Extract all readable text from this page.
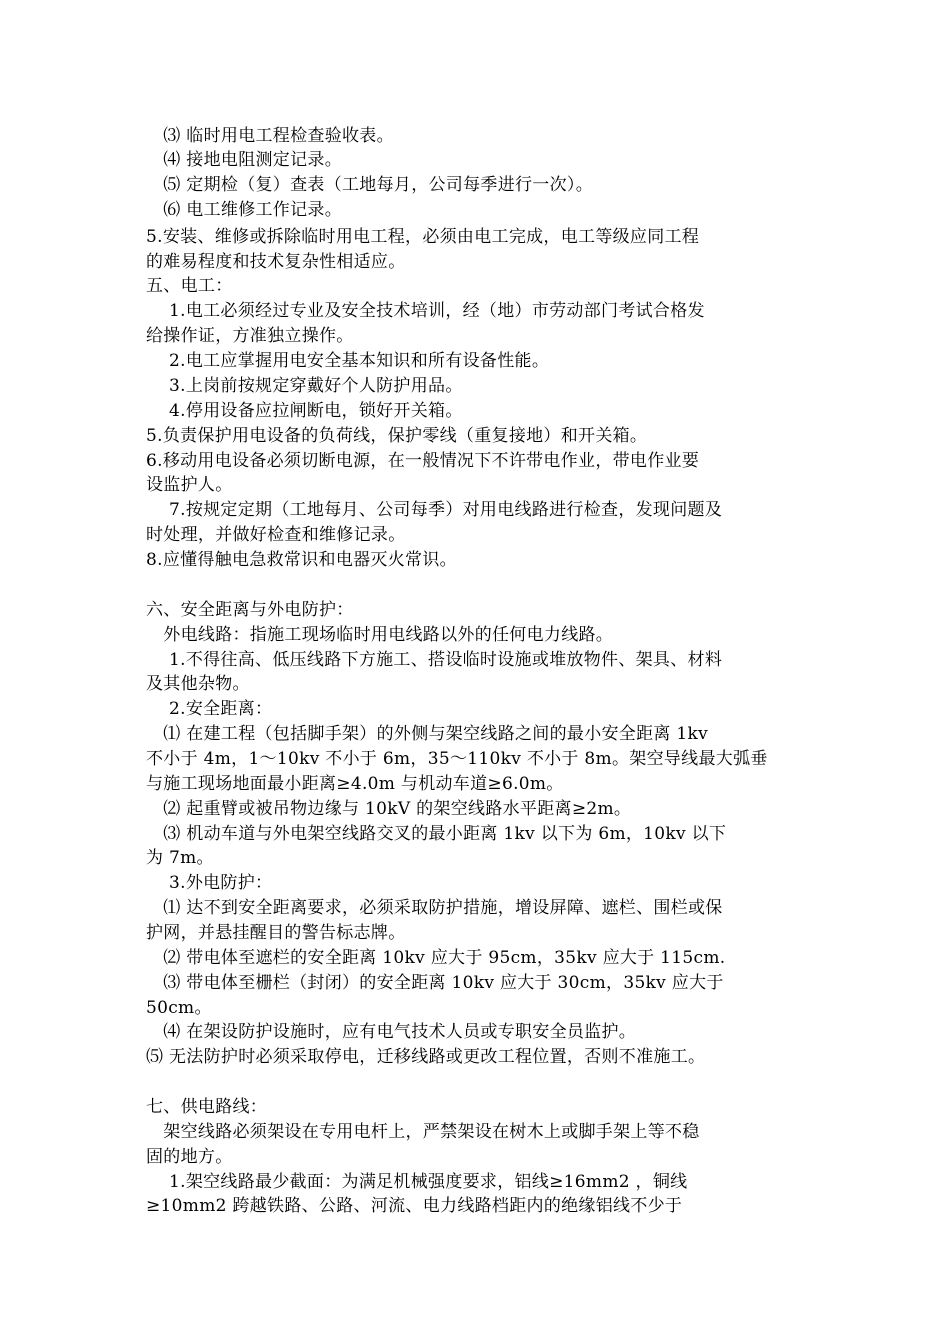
　⑶ 临时用电工程检查验收表。
　⑷ 接地电阻测定记录。
　⑸ 定期检（复）查表（工地每月，公司每季进行一次）。
　⑹ 电工维修工作记录。
5.安装、维修或拆除临时用电工程，必须由电工完成，电工等级应同工程
的难易程度和技术复杂性相适应。
五、电工：
　 1.电工必须经过专业及安全技术培训，经（地）市劳动部门考试合格发
给操作证，方准独立操作。
　 2.电工应掌握用电安全基本知识和所有设备性能。
　 3.上岗前按规定穿戴好个人防护用品。
　 4.停用设备应拉闸断电，锁好开关箱。
5.负责保护用电设备的负荷线，保护零线（重复接地）和开关箱。
6.移动用电设备必须切断电源，在一般情况下不许带电作业，带电作业要
设监护人。
　 7.按规定定期（工地每月、公司每季）对用电线路进行检查，发现问题及
时处理，并做好检查和维修记录。
8.应懂得触电急救常识和电器灭火常识。
六、安全距离与外电防护：
　外电线路：指施工现场临时用电线路以外的任何电力线路。
　 1.不得往高、低压线路下方施工、搭设临时设施或堆放物件、架具、材料
及其他杂物。
　 2.安全距离：
　⑴ 在建工程（包括脚手架）的外侧与架空线路之间的最小安全距离 1kv
不小于 4m，1～10kv 不小于 6m，35～110kv 不小于 8m。架空导线最大弧垂
与施工现场地面最小距离≥4.0m 与机动车道≥6.0m。
　⑵ 起重臂或被吊物边缘与 10kV 的架空线路水平距离≥2m。
　⑶ 机动车道与外电架空线路交叉的最小距离 1kv 以下为 6m，10kv 以下
为 7m。
　 3.外电防护：
　⑴ 达不到安全距离要求，必须采取防护措施，增设屏障、遮栏、围栏或保
护网，并悬挂醒目的警告标志牌。
　⑵ 带电体至遮栏的安全距离 10kv 应大于 95cm，35kv 应大于 115cm.
　⑶ 带电体至栅栏（封闭）的安全距离 10kv 应大于 30cm，35kv 应大于
50cm。
　⑷ 在架设防护设施时，应有电气技术人员或专职安全员监护。
⑸ 无法防护时必须采取停电，迁移线路或更改工程位置，否则不准施工。
七、供电路线：
　架空线路必须架设在专用电杆上，严禁架设在树木上或脚手架上等不稳
固的地方。
　 1.架空线路最少截面：为满足机械强度要求，铝线≥16mm2 ，铜线
≥10mm2 跨越铁路、公路、河流、电力线路档距内的绝缘铝线不少于
